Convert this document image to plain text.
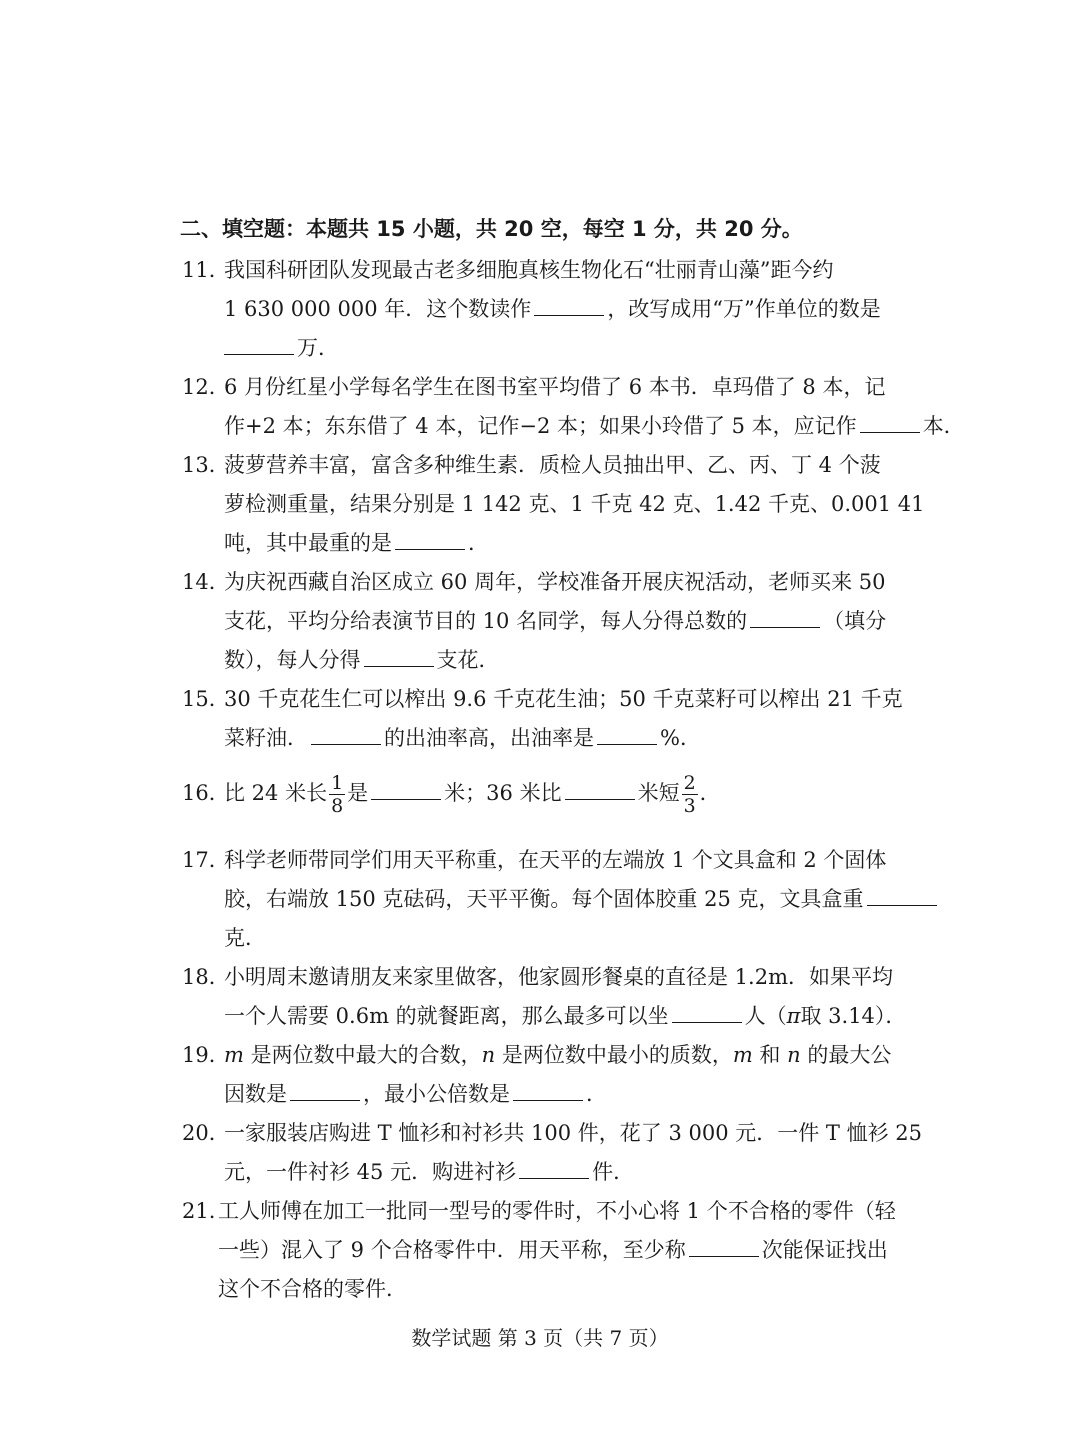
二、填空题：本题共 15 小题，共 20 空，每空 1 分，共 20 分。
11．我国科研团队发现最古老多细胞真核生物化石“壮丽青山藻”距今约
1 630 000 000 年．这个数读作	，改写成用“万”作单位的数是
万．
12．6 月份红星小学每名学生在图书室平均借了 6 本书．卓玛借了 8 本，记
作+2 本；东东借了 4 本，记作−2 本；如果小玲借了 5 本，应记作	本．
13．菠萝营养丰富，富含多种维生素．质检人员抽出甲、乙、丙、丁 4 个菠
萝检测重量，结果分别是 1 142 克、1 千克 42 克、1.42 千克、0.001 41
吨，其中最重的是	．
14．为庆祝西藏自治区成立 60 周年，学校准备开展庆祝活动，老师买来 50
支花，平均分给表演节目的 10 名同学，每人分得总数的	（填分
数），每人分得	支花．
15．30 千克花生仁可以榨出 9.6 千克花生油；50 千克菜籽可以榨出 21 千克
菜籽油．	的出油率高，出油率是	%．
16．比 24 米长 $\frac{1}{8}$ 是	米；36 米比	米短 $\frac{2}{3}$ ．
17．科学老师带同学们用天平称重，在天平的左端放 1 个文具盒和 2 个固体
胶，右端放 150 克砝码，天平平衡。每个固体胶重 25 克，文具盒重
克．
18．小明周末邀请朋友来家里做客，他家圆形餐桌的直径是 1.2m．如果平均
一个人需要 0.6m 的就餐距离，那么最多可以坐	人（π取 3.14）．
19．m 是两位数中最大的合数，n 是两位数中最小的质数，m 和 n 的最大公
因数是	，最小公倍数是	．
20．一家服装店购进 T 恤衫和衬衫共 100 件，花了 3 000 元．一件 T 恤衫 25
元，一件衬衫 45 元．购进衬衫	件．
21. 工人师傅在加工一批同一型号的零件时，不小心将 1 个不合格的零件（轻
一些）混入了 9 个合格零件中．用天平称，至少称	次能保证找出
这个不合格的零件．
数学试题 第 3 页（共 7 页）
